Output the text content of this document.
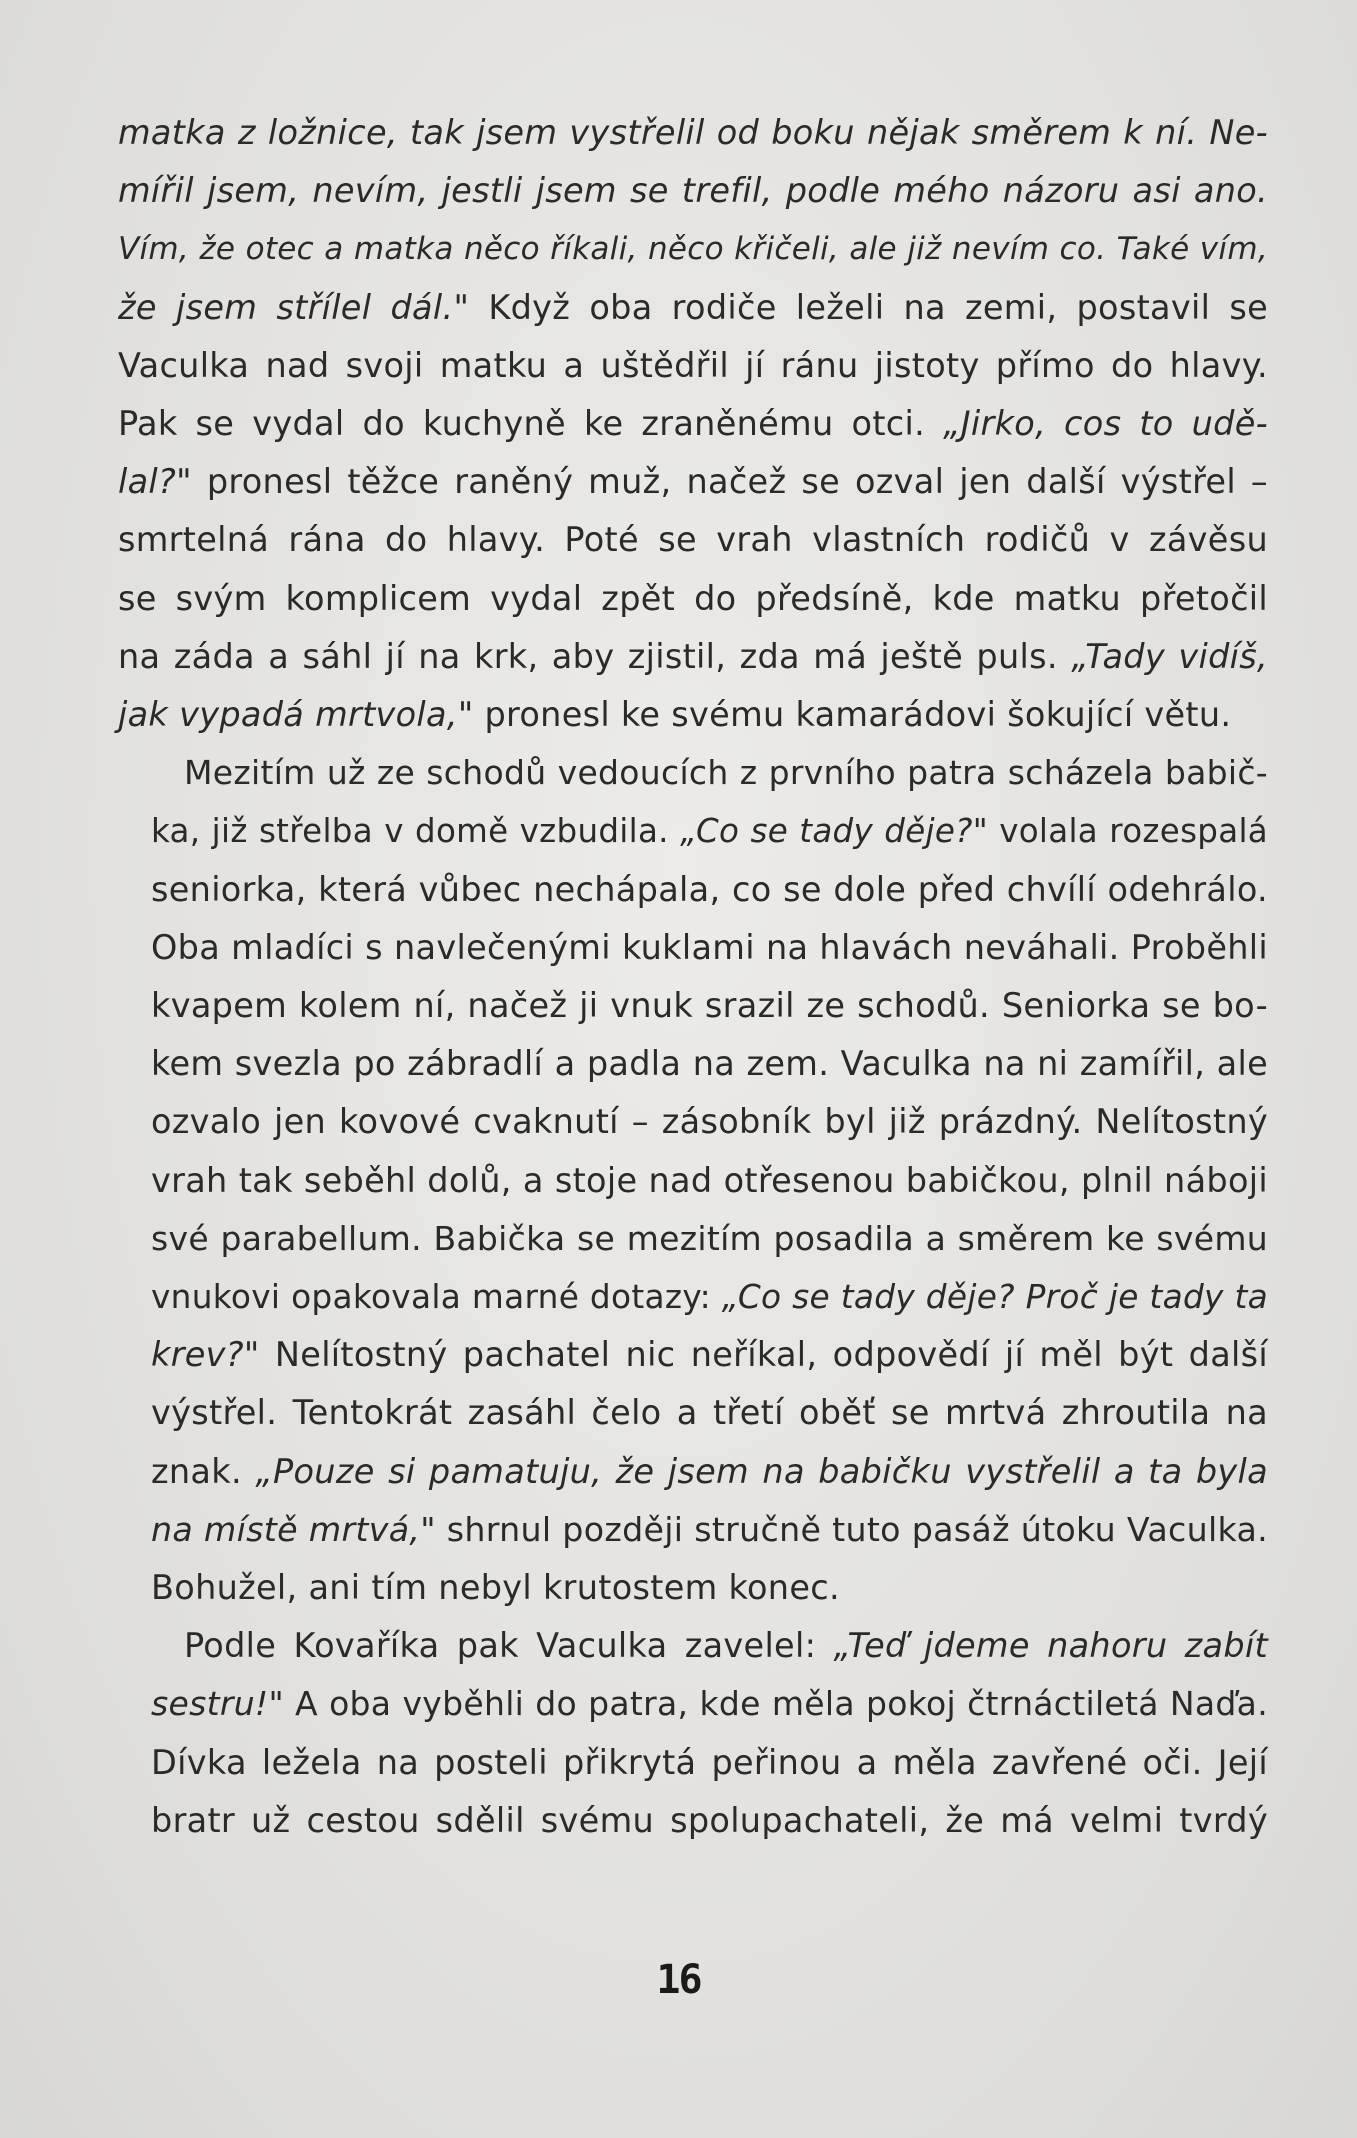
matka z ložnice, tak jsem vystřelil od boku nějak směrem k ní. Ne-
mířil jsem, nevím, jestli jsem se trefil, podle mého názoru asi ano.
Vím, že otec a matka něco říkali, něco křičeli, ale již nevím co. Také vím,
že jsem střílel dál." Když oba rodiče leželi na zemi, postavil se
Vaculka nad svoji matku a uštědřil jí ránu jistoty přímo do hlavy.
Pak se vydal do kuchyně ke zraněnému otci. „Jirko, cos to udě-
lal?" pronesl těžce raněný muž, načež se ozval jen další výstřel –
smrtelná rána do hlavy. Poté se vrah vlastních rodičů v závěsu
se svým komplicem vydal zpět do předsíně, kde matku přetočil
na záda a sáhl jí na krk, aby zjistil, zda má ještě puls. „Tady vidíš,
jak vypadá mrtvola," pronesl ke svému kamarádovi šokující větu.
Mezitím už ze schodů vedoucích z prvního patra scházela babič-
ka, již střelba v domě vzbudila. „Co se tady děje?" volala rozespalá
seniorka, která vůbec nechápala, co se dole před chvílí odehrálo.
Oba mladíci s navlečenými kuklami na hlavách neváhali. Proběhli
kvapem kolem ní, načež ji vnuk srazil ze schodů. Seniorka se bo-
kem svezla po zábradlí a padla na zem. Vaculka na ni zamířil, ale
ozvalo jen kovové cvaknutí – zásobník byl již prázdný. Nelítostný
vrah tak seběhl dolů, a stoje nad otřesenou babičkou, plnil náboji
své parabellum. Babička se mezitím posadila a směrem ke svému
vnukovi opakovala marné dotazy: „Co se tady děje? Proč je tady ta
krev?" Nelítostný pachatel nic neříkal, odpovědí jí měl být další
výstřel. Tentokrát zasáhl čelo a třetí oběť se mrtvá zhroutila na
znak. „Pouze si pamatuju, že jsem na babičku vystřelil a ta byla
na místě mrtvá," shrnul později stručně tuto pasáž útoku Vaculka.
Bohužel, ani tím nebyl krutostem konec.
Podle Kovaříka pak Vaculka zavelel: „Teď jdeme nahoru zabít
sestru!" A oba vyběhli do patra, kde měla pokoj čtrnáctiletá Naďa.
Dívka ležela na posteli přikrytá peřinou a měla zavřené oči. Její
bratr už cestou sdělil svému spolupachateli, že má velmi tvrdý
16
